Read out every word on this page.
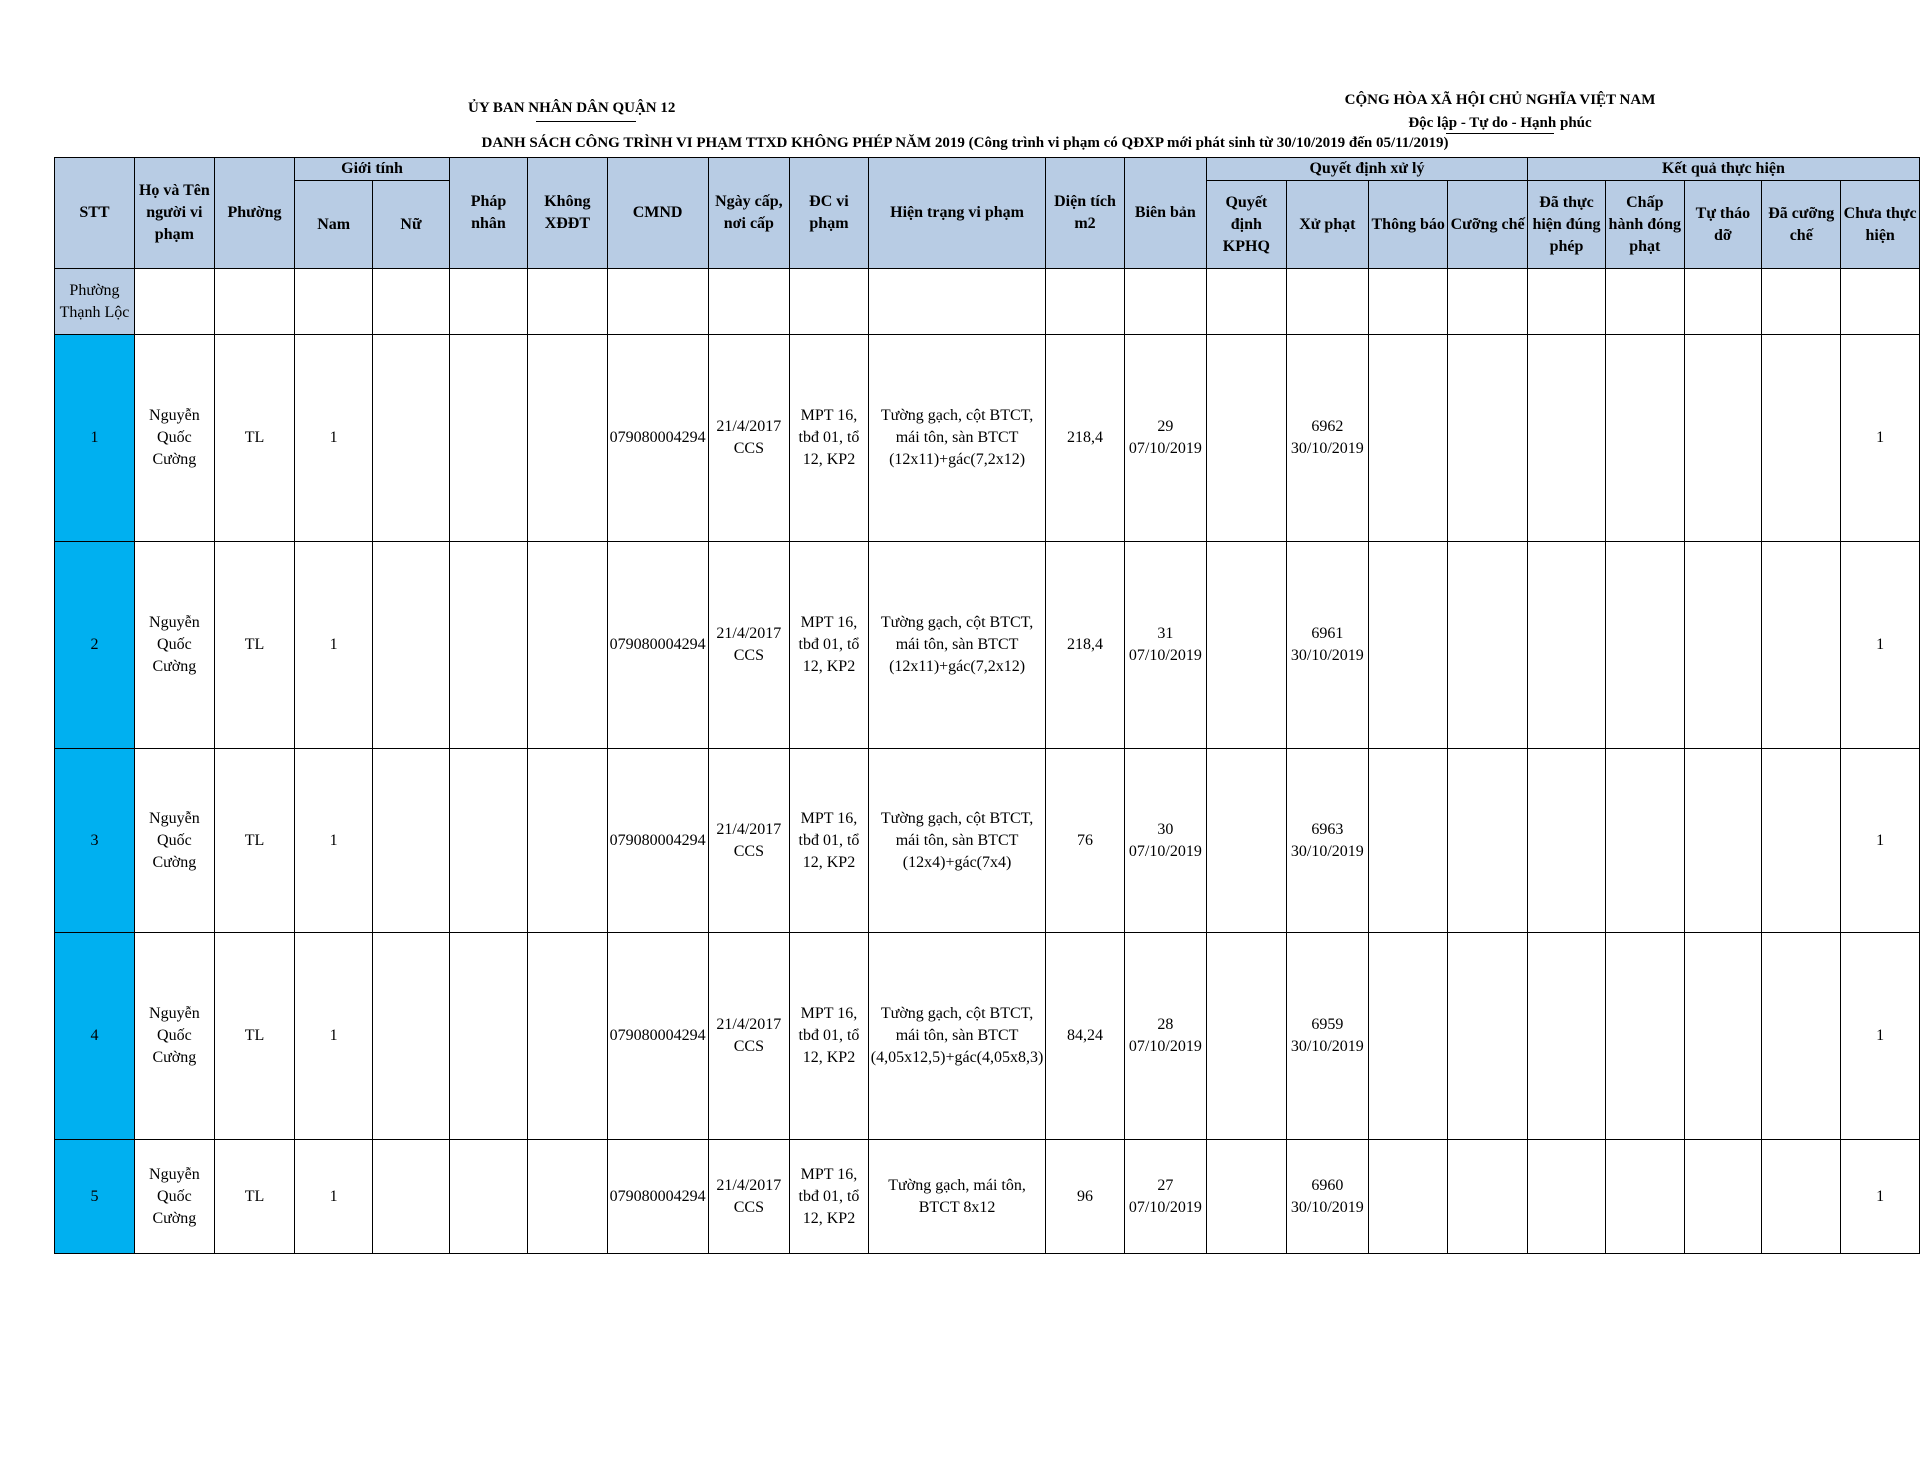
ỦY BAN NHÂN DÂN QUẬN 12	CỘNG HÒA XÃ HỘI CHỦ NGHĨA VIỆT NAM
Độc lập - Tự do - Hạnh phúc
DANH SÁCH CÔNG TRÌNH VI PHẠM TTXD KHÔNG PHÉP NĂM 2019 (Công trình vi phạm có QĐXP mới phát sinh từ 30/10/2019 đến 05/11/2019)
STT	Họ và Tên người vi phạm	Phường	Giới tính		Pháp nhân	Không XĐĐT	CMND	Ngày cấp, nơi cấp	ĐC vi phạm	Hiện trạng vi phạm	Diện tích m2	Biên bản	Quyết định xử lý				Kết quả thực hiện				
			Nam	Nữ									Quyết định KPHQ	Xử phạt	Thông báo	Cưỡng chế	Đã thực hiện đúng phép	Chấp hành đóng phạt	Tự tháo dỡ	Đã cưỡng chế	Chưa thực hiện
Phường Thạnh Lộc																					
1	Nguyễn Quốc Cường	TL	1				079080004294	21/4/2017 CCS	MPT 16, tbđ 01, tổ 12, KP2	Tường gạch, cột BTCT, mái tôn, sàn BTCT (12x11)+gác(7,2x12)	218,4	29 07/10/2019		6962 30/10/2019							1
2	Nguyễn Quốc Cường	TL	1				079080004294	21/4/2017 CCS	MPT 16, tbđ 01, tổ 12, KP2	Tường gạch, cột BTCT, mái tôn, sàn BTCT (12x11)+gác(7,2x12)	218,4	31 07/10/2019		6961 30/10/2019							1
3	Nguyễn Quốc Cường	TL	1				079080004294	21/4/2017 CCS	MPT 16, tbđ 01, tổ 12, KP2	Tường gạch, cột BTCT, mái tôn, sàn BTCT (12x4)+gác(7x4)	76	30 07/10/2019		6963 30/10/2019							1
4	Nguyễn Quốc Cường	TL	1				079080004294	21/4/2017 CCS	MPT 16, tbđ 01, tổ 12, KP2	Tường gạch, cột BTCT, mái tôn, sàn BTCT (4,05x12,5)+gác(4,05x8,3)	84,24	28 07/10/2019		6959 30/10/2019							1
5	Nguyễn Quốc Cường	TL	1				079080004294	21/4/2017 CCS	MPT 16, tbđ 01, tổ 12, KP2	Tường gạch, mái tôn, BTCT 8x12	96	27 07/10/2019		6960 30/10/2019							1
